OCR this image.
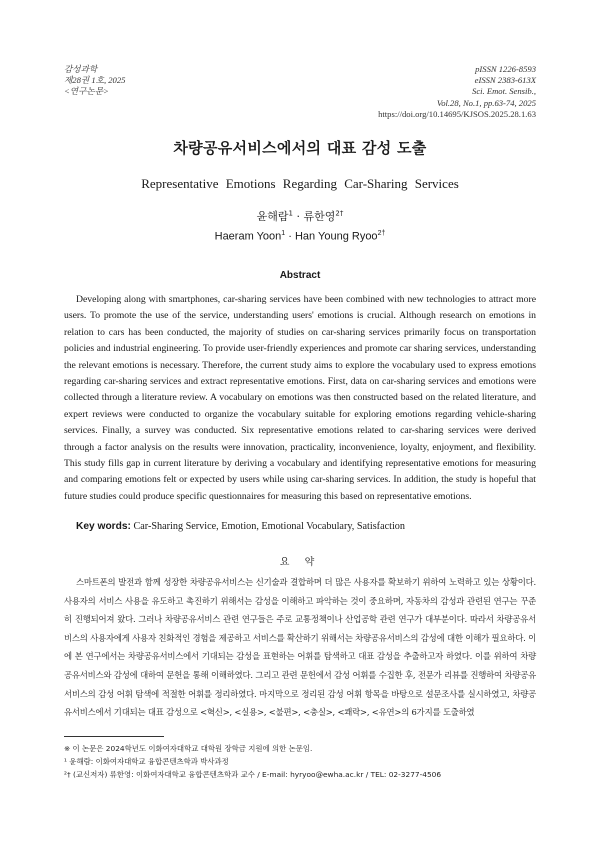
감성과학
제28권 1호, 2025
<연구논문>
pISSN 1226-8593
eISSN 2383-613X
Sci. Emot. Sensib.,
Vol.28, No.1, pp.63-74, 2025
https://doi.org/10.14695/KJSOS.2025.28.1.63
차량공유서비스에서의 대표 감성 도출
Representative Emotions Regarding Car-Sharing Services
윤해람$^1$ · 류한영$^{2\dagger}$
Haeram Yoon$^1$ · Han Young Ryoo$^{2\dagger}$
Abstract

Developing along with smartphones, car-sharing services have been combined with new technologies to attract more users. To promote the use of the service, understanding users' emotions is crucial. Although research on emotions in relation to cars has been conducted, the majority of studies on car-sharing services primarily focus on transportation policies and industrial engineering. To provide user-friendly experiences and promote car sharing services, understanding the relevant emotions is necessary. Therefore, the current study aims to explore the vocabulary used to express emotions regarding car-sharing services and extract representative emotions. First, data on car-sharing services and emotions were collected through a literature review. A vocabulary on emotions was then constructed based on the related literature, and expert reviews were conducted to organize the vocabulary suitable for exploring emotions regarding vehicle-sharing services. Finally, a survey was conducted. Six representative emotions related to car-sharing services were derived through a factor analysis on the results were innovation, practicality, inconvenience, loyalty, enjoyment, and flexibility. This study fills gap in current literature by deriving a vocabulary and identifying representative emotions for measuring and comparing emotions felt or expected by users while using car-sharing services. In addition, the study is hopeful that future studies could produce specific questionnaires for measuring this based on representative emotions.

Key words: Car-Sharing Service, Emotion, Emotional Vocabulary, Satisfaction
요 약

스마트폰의 발전과 함께 성장한 차량공유서비스는 신기술과 결합하며 더 많은 사용자를 확보하기 위하여 노력하고 있는 상황이다. 사용자의 서비스 사용을 유도하고 촉진하기 위해서는 감성을 이해하고 파악하는 것이 중요하며, 자동차의 감성과 관련된 연구는 꾸준히 진행되어져 왔다. 그러나 차량공유서비스 관련 연구들은 주로 교통정책이나 산업공학 관련 연구가 대부분이다. 따라서 차량공유서비스의 사용자에게 사용자 친화적인 경험을 제공하고 서비스를 확산하기 위해서는 차량공유서비스의 감성에 대한 이해가 필요하다. 이에 본 연구에서는 차량공유서비스에서 기대되는 감성을 표현하는 어휘를 탐색하고 대표 감성을 추출하고자 하였다. 이를 위하여 차량공유서비스와 감성에 대하여 문헌을 통해 이해하였다. 그리고 관련 문헌에서 감성 어휘를 수집한 후, 전문가 리뷰를 진행하여 차량공유서비스의 감성 어휘 탐색에 적절한 어휘를 정리하였다. 마지막으로 정리된 감성 어휘 항목을 바탕으로 설문조사를 실시하였고, 차량공유서비스에서 기대되는 대표 감성으로 <혁신>, <실용>, <불편>, <충실>, <쾌락>, <유연>의 6가지를 도출하였

※ 이 논문은 2024학년도 이화여자대학교 대학원 장학금 지원에 의한 논문임.
¹ 윤해람: 이화여자대학교 융합콘텐츠학과 박사과정
²† (교신저자) 류한영: 이화여자대학교 융합콘텐츠학과 교수 / E-mail: hyryoo@ewha.ac.kr / TEL: 02-3277-4506
